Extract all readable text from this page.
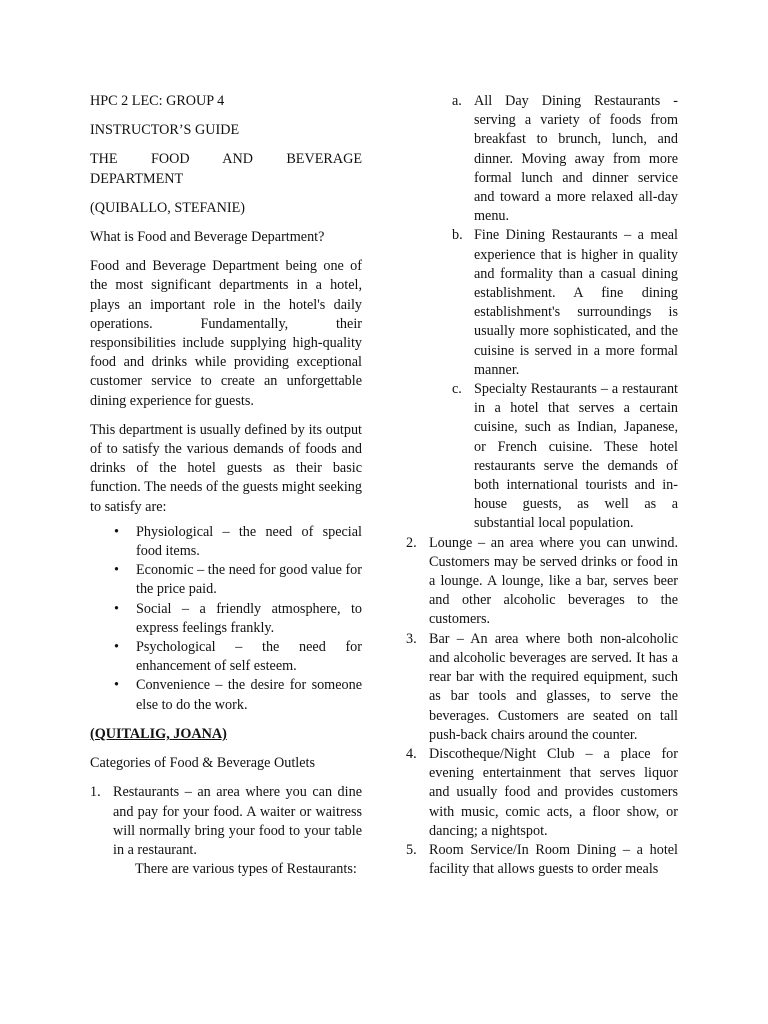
HPC 2 LEC: GROUP 4

INSTRUCTOR’S GUIDE

THE FOOD AND BEVERAGE DEPARTMENT

(QUIBALLO, STEFANIE)

What is Food and Beverage Department?

Food and Beverage Department being one of the most significant departments in a hotel, plays an important role in the hotel's daily operations. Fundamentally, their responsibilities include supplying high-quality food and drinks while providing exceptional customer service to create an unforgettable dining experience for guests.

This department is usually defined by its output of to satisfy the various demands of foods and drinks of the hotel guests as their basic function. The needs of the guests might seeking to satisfy are:

• Physiological – the need of special food items.
• Economic – the need for good value for the price paid.
• Social – a friendly atmosphere, to express feelings frankly.
• Psychological – the need for enhancement of self esteem.
• Convenience – the desire for someone else to do the work.

(QUITALIG, JOANA)

Categories of Food & Beverage Outlets

1. Restaurants – an area where you can dine and pay for your food. A waiter or waitress will normally bring your food to your table in a restaurant.
There are various types of Restaurants:
a. All Day Dining Restaurants - serving a variety of foods from breakfast to brunch, lunch, and dinner. Moving away from more formal lunch and dinner service and toward a more relaxed all-day menu.
b. Fine Dining Restaurants – a meal experience that is higher in quality and formality than a casual dining establishment. A fine dining establishment's surroundings is usually more sophisticated, and the cuisine is served in a more formal manner.
c. Specialty Restaurants – a restaurant in a hotel that serves a certain cuisine, such as Indian, Japanese, or French cuisine. These hotel restaurants serve the demands of both international tourists and in-house guests, as well as a substantial local population.
2. Lounge – an area where you can unwind. Customers may be served drinks or food in a lounge. A lounge, like a bar, serves beer and other alcoholic beverages to the customers.
3. Bar – An area where both non-alcoholic and alcoholic beverages are served. It has a rear bar with the required equipment, such as bar tools and glasses, to serve the beverages. Customers are seated on tall push-back chairs around the counter.
4. Discotheque/Night Club – a place for evening entertainment that serves liquor and usually food and provides customers with music, comic acts, a floor show, or dancing; a nightspot.
5. Room Service/In Room Dining – a hotel facility that allows guests to order meals
